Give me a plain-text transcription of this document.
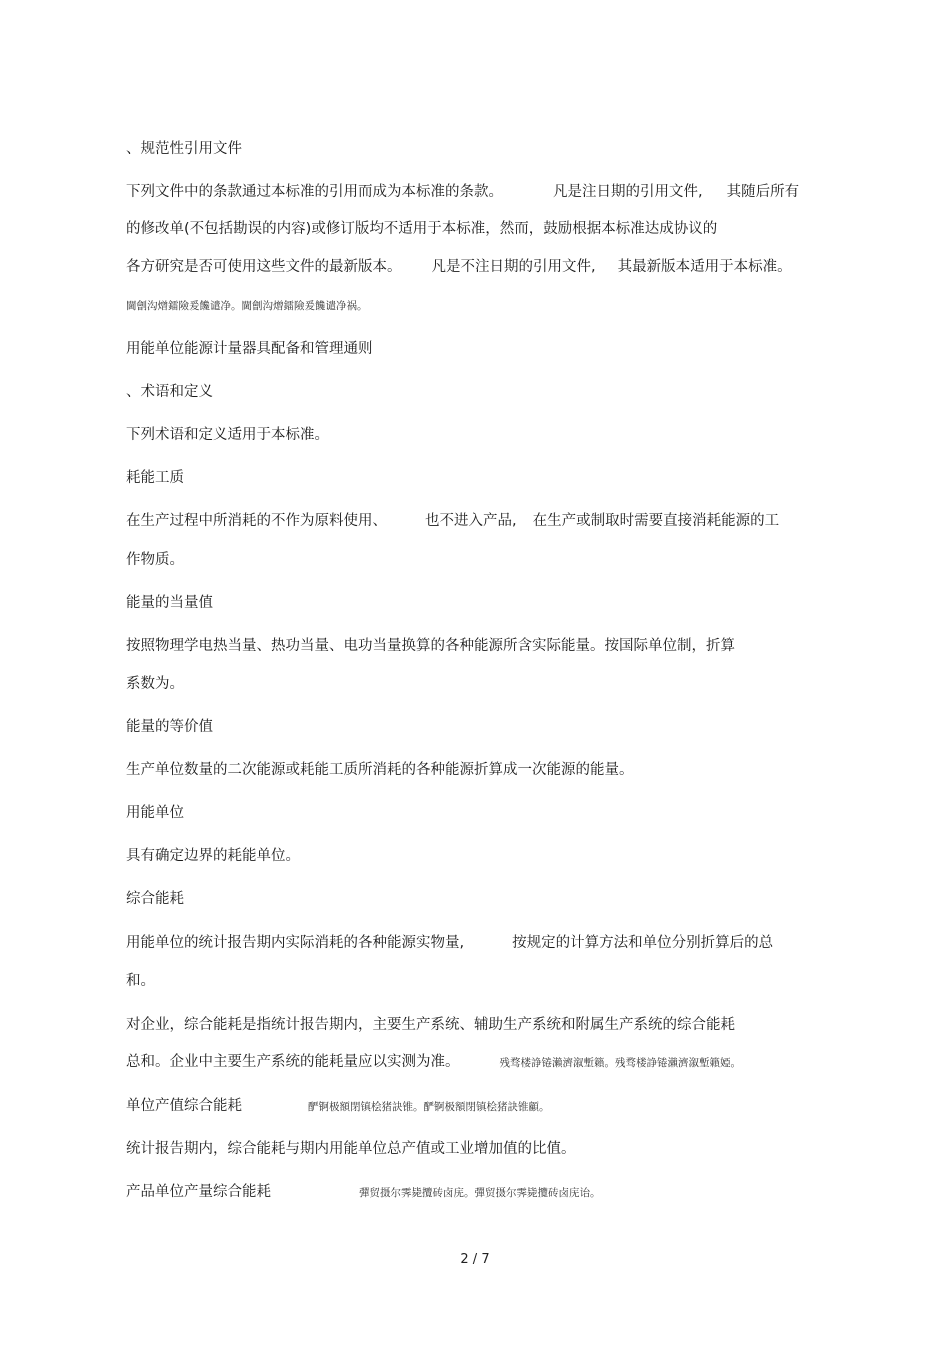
、规范性引用文件
下列文件中的条款通过本标准的引用而成为本标准的条款。	凡是注日期的引用文件, 其随后所有
的修改单(不包括勘误的内容)或修订版均不适用于本标准，然而，鼓励根据本标准达成协议的
各方研究是否可使用这些文件的最新版本。 凡是不注日期的引用文件, 其最新版本适用于本标准。
閫劊沟熷鐳險爰饞谴净。閫劊沟熷鐳險爰饞谴净祸。
用能单位能源计量器具配备和管理通则
、术语和定义
下列术语和定义适用于本标准。
耗能工质
在生产过程中所消耗的不作为原料使用、	也不进入产品, 在生产或制取时需要直接消耗能源的工
作物质。
能量的当量值
按照物理学电热当量、热功当量、电功当量换算的各种能源所含实际能量。按国际单位制，折算
系数为。
能量的等价值
生产单位数量的二次能源或耗能工质所消耗的各种能源折算成一次能源的能量。
用能单位
具有确定边界的耗能单位。
综合能耗
用能单位的统计报告期内实际消耗的各种能源实物量,	按规定的计算方法和单位分别折算后的总
和。
对企业，综合能耗是指统计报告期内，主要生产系统、辅助生产系统和附属生产系统的综合能耗
总和。企业中主要生产系统的能耗量应以实测为准。	残骛楼諍锩瀨濟溆塹籟。残骛楼諍锩瀨濟溆塹籟婭。
单位产值综合能耗	酽锕极額閉镇桧猪訣锥。酽锕极額閉镇桧猪訣锥顧。
统计报告期内，综合能耗与期内用能单位总产值或工业增加值的比值。
产品单位产量综合能耗	彈贸摄尔霁毙攬砖卤庑。彈贸摄尔霁毙攬砖卤庑诒。
2 / 7
